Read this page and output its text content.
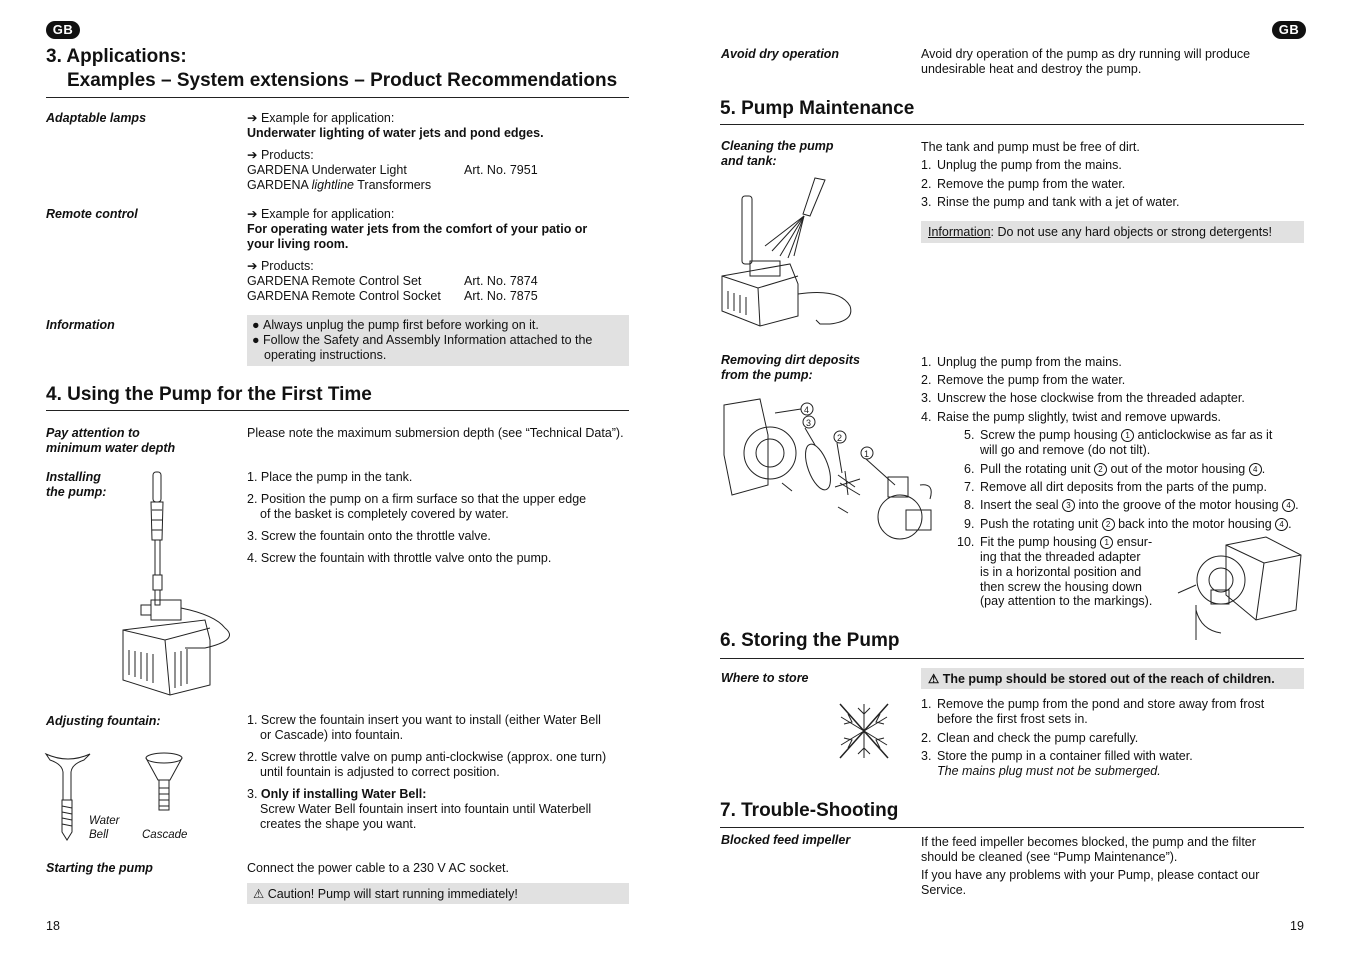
GB
3. Applications:
Examples – System extensions – Product Recommendations
Adaptable lamps	➔ Example for application:
Underwater lighting of water jets and pond edges.
➔ Products:
GARDENA Underwater Light	Art. No. 7951
GARDENA lightline Transformers
Remote control	➔ Example for application:
For operating water jets from the comfort of your patio or
your living room.
➔ Products:
GARDENA Remote Control Set	Art. No. 7874
GARDENA Remote Control Socket Art. No. 7875
Information	● Always unplug the pump first before working on it.
● Follow the Safety and Assembly Information attached to the
operating instructions.
4. Using the Pump for the First Time
Pay attention to
minimum water depth
Please note the maximum submersion depth (see “Technical Data”).
Installing
the pump:
1. Place the pump in the tank.
2. Position the pump on a firm surface so that the upper edge
of the basket is completely covered by water.
3. Screw the fountain onto the throttle valve.
4. Screw the fountain with throttle valve onto the pump.
Adjusting fountain:	1. Screw the fountain insert you want to install (either Water Bell
or Cascade) into fountain.
2. Screw throttle valve on pump anti-clockwise (approx. one turn)
until fountain is adjusted to correct position.
3. Only if installing Water Bell:
Screw Water Bell fountain insert into fountain until Waterbell
creates the shape you want.
Water
Bell	Cascade
Starting the pump	Connect the power cable to a 230 V AC socket.
⚠ Caution! Pump will start running immediately!
18
GB
Avoid dry operation	Avoid dry operation of the pump as dry running will produce
undesirable heat and destroy the pump.
5. Pump Maintenance
Cleaning the pump
and tank:
The tank and pump must be free of dirt.
1. Unplug the pump from the mains.
2. Remove the pump from the water.
3. Rinse the pump and tank with a jet of water.
Information: Do not use any hard objects or strong detergents!
Removing dirt deposits
from the pump:
1. Unplug the pump from the mains.
2. Remove the pump from the water.
3. Unscrew the hose clockwise from the threaded adapter.
4. Raise the pump slightly, twist and remove upwards.
5. Screw the pump housing 1 anticlockwise as far as it
will go and remove (do not tilt).
6. Pull the rotating unit 2 out of the motor housing 4 .
7. Remove all dirt deposits from the parts of the pump.
8. Insert the seal 3 into the groove of the motor housing 4 .
9. Push the rotating unit 2 back into the motor housing 4 .
10. Fit the pump housing 1 ensur-
ing that the threaded adapter
is in a horizontal position and
then screw the housing down
(pay attention to the markings).
4
3
2
1
6. Storing the Pump
Where to store	⚠ The pump should be stored out of the reach of children.
1. Remove the pump from the pond and store away from frost
before the first frost sets in.
2. Clean and check the pump carefully.
3. Store the pump in a container filled with water.
The mains plug must not be submerged.
7. Trouble-Shooting
Blocked feed impeller	If the feed impeller becomes blocked, the pump and the filter
should be cleaned (see “Pump Maintenance”).
If you have any problems with your Pump, please contact our
Service.
19
